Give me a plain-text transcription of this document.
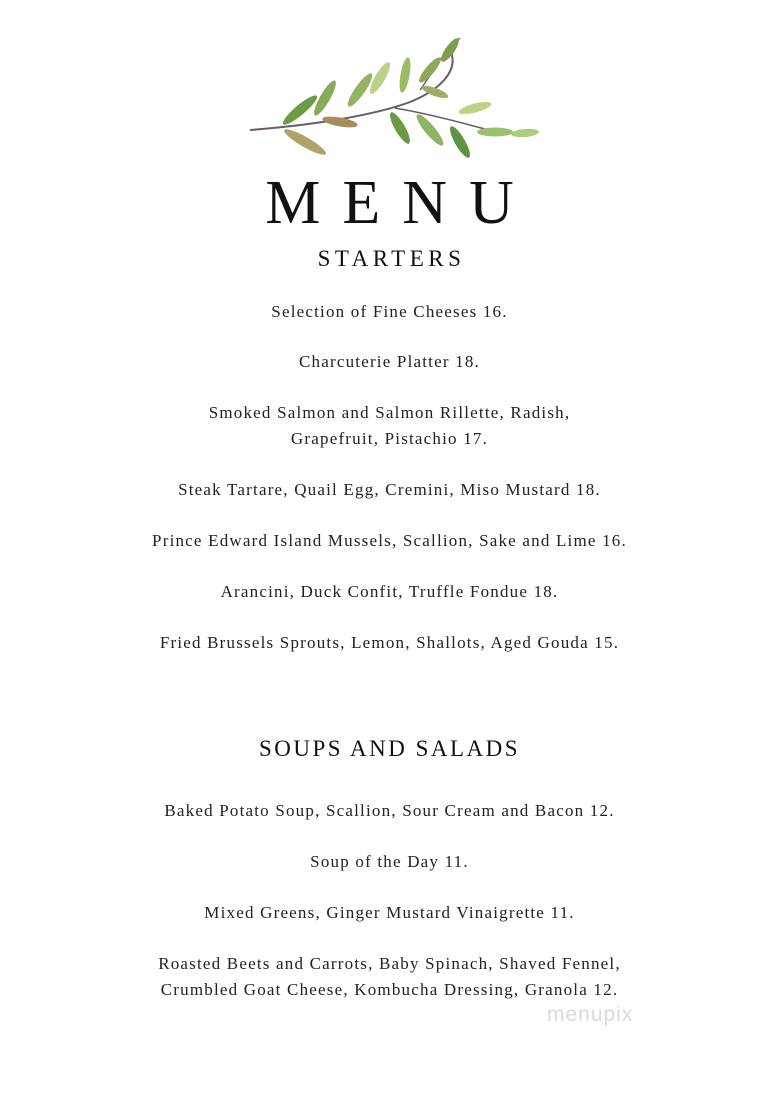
MENU
STARTERS
Selection of Fine Cheeses 16.
Charcuterie Platter 18.
Smoked Salmon and Salmon Rillette, Radish,
Grapefruit, Pistachio 17.
Steak Tartare, Quail Egg, Cremini, Miso Mustard 18.
Prince Edward Island Mussels, Scallion, Sake and Lime 16.
Arancini, Duck Confit, Truffle Fondue 18.
Fried Brussels Sprouts, Lemon, Shallots, Aged Gouda 15.
SOUPS AND SALADS
Baked Potato Soup, Scallion, Sour Cream and Bacon 12.
Soup of the Day 11.
Mixed Greens, Ginger Mustard Vinaigrette 11.
Roasted Beets and Carrots, Baby Spinach, Shaved Fennel,
Crumbled Goat Cheese, Kombucha Dressing, Granola 12.
menupix
